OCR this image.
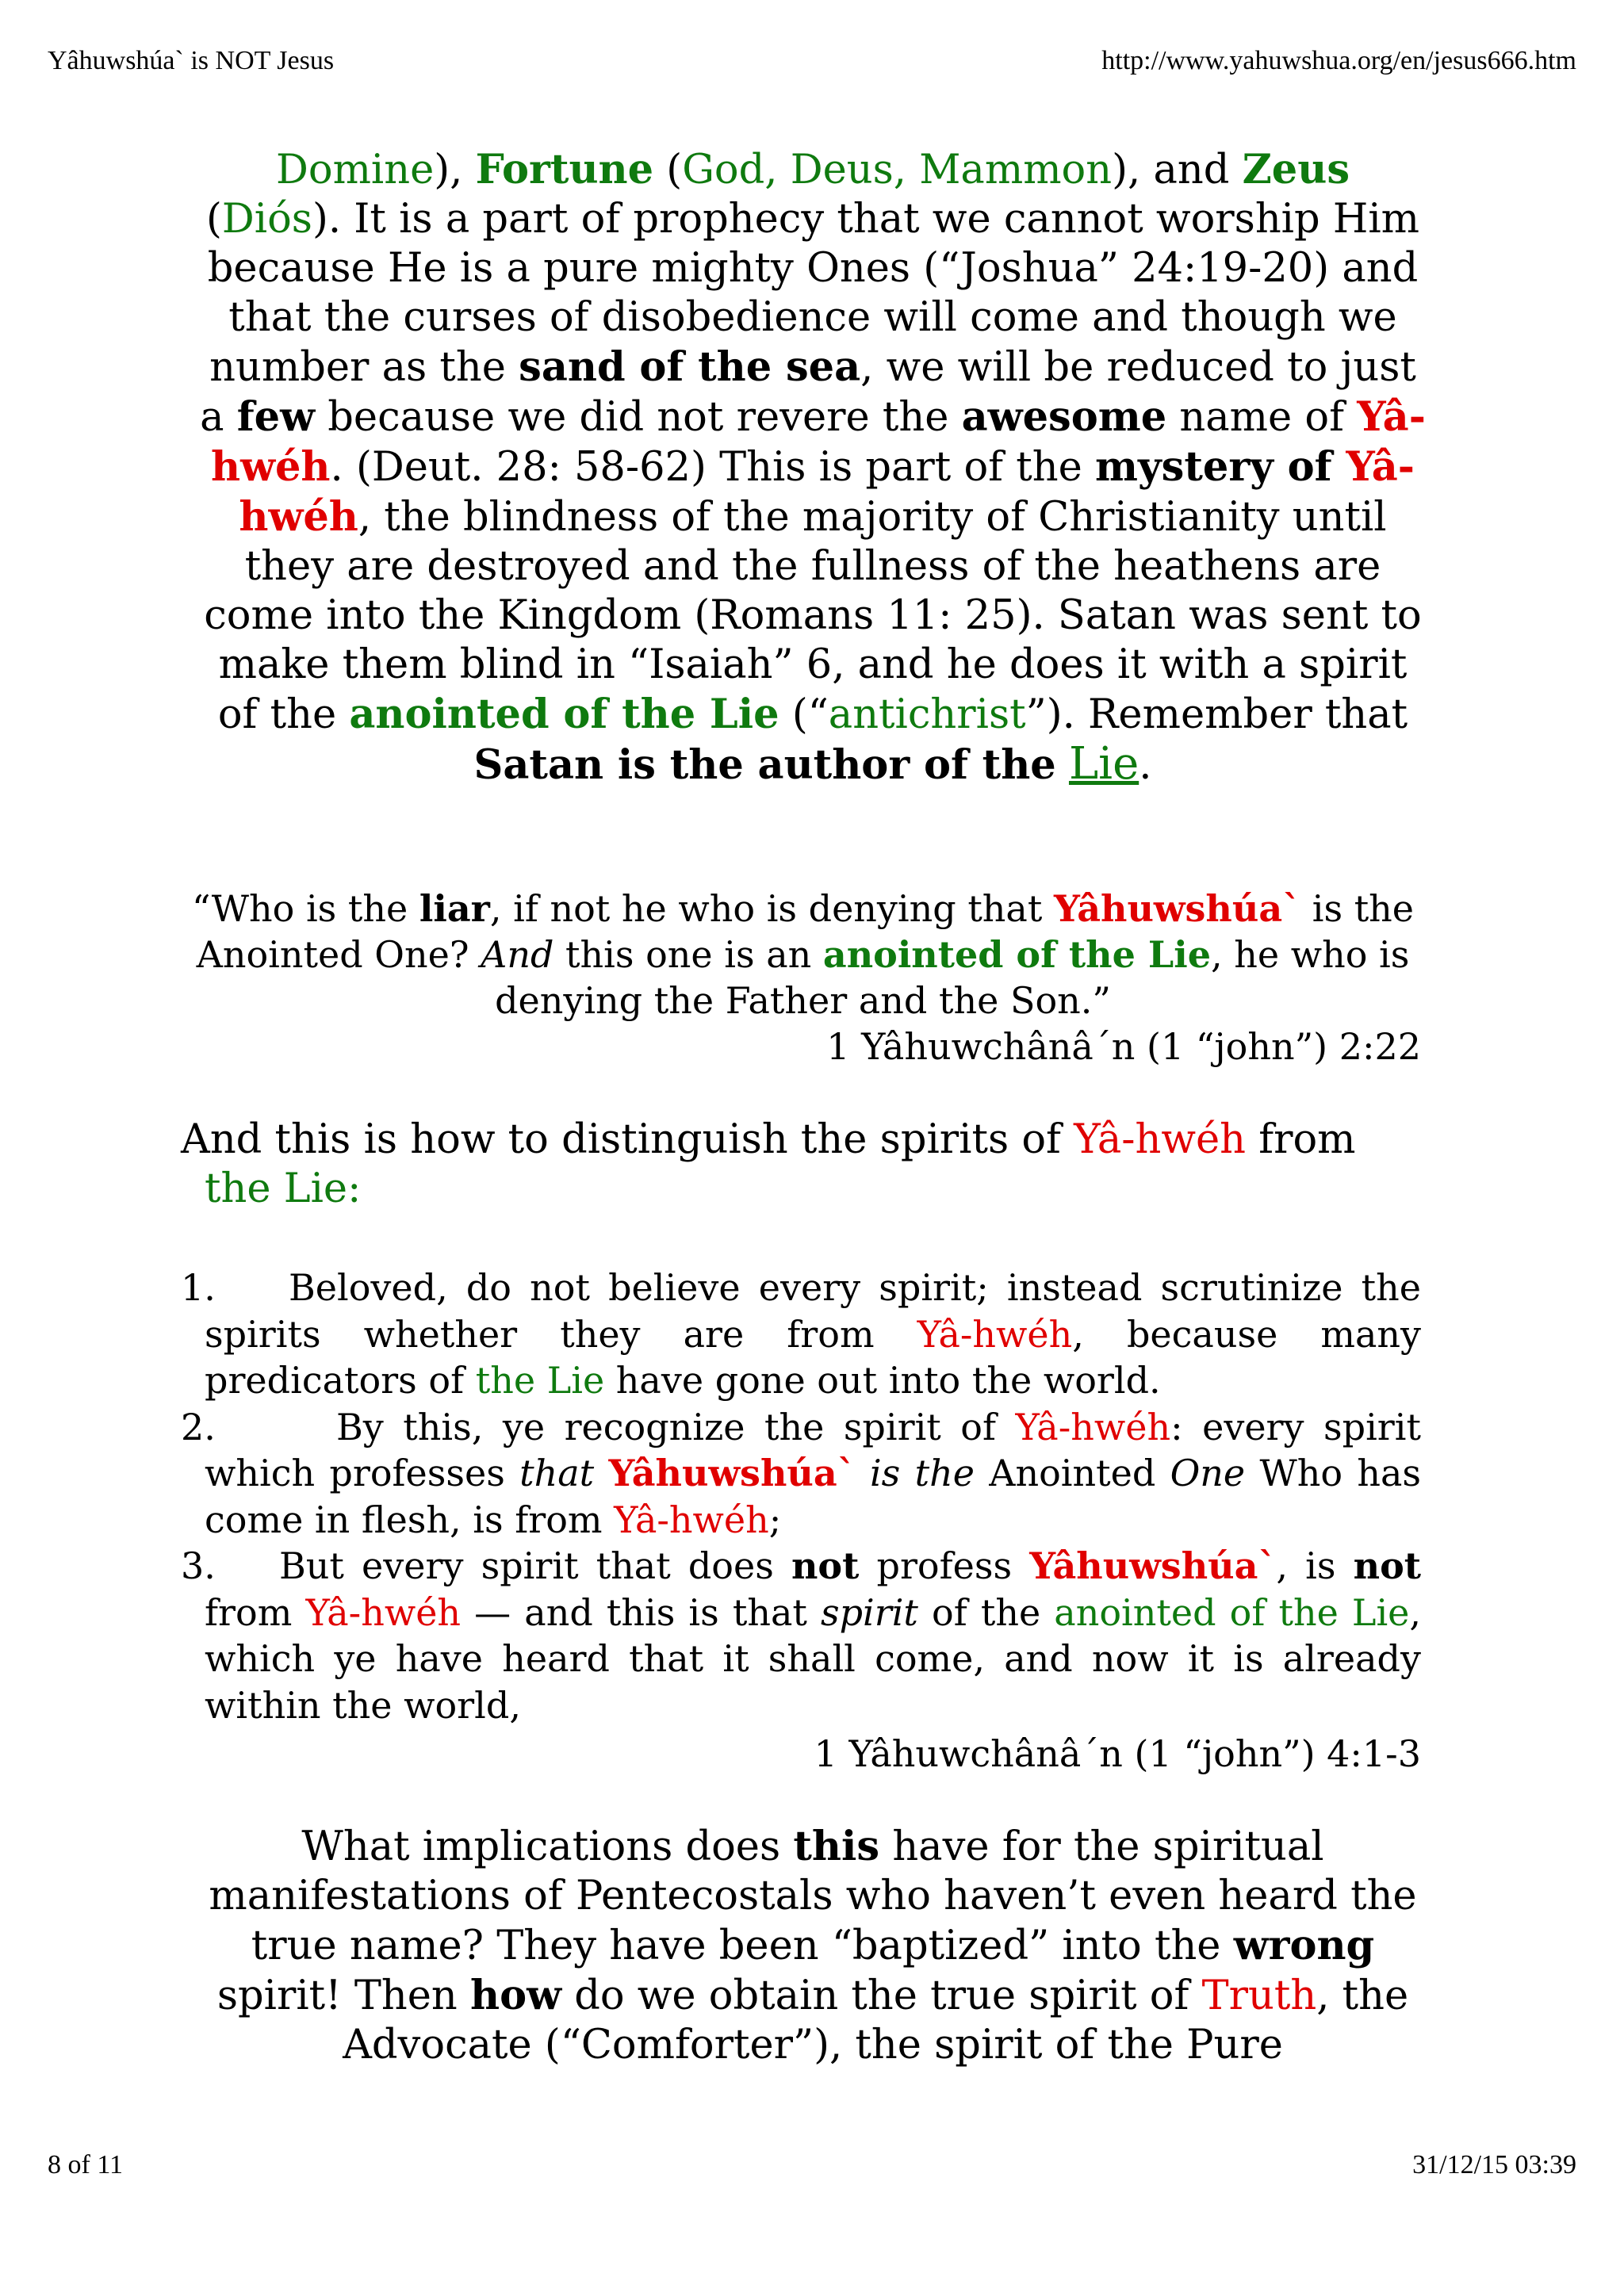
Yâhuwshúa` is NOT Jesus	http://www.yahuwshua.org/en/jesus666.htm
Domine), Fortune (God, Deus, Mammon), and Zeus
(Diós). It is a part of prophecy that we cannot worship Him because He is a pure mighty Ones (“Joshua” 24:19-20) and that the curses of disobedience will come and though we number as the sand of the sea, we will be reduced to just a few because we did not revere the awesome name of Yâ-hwéh. (Deut. 28: 58-62) This is part of the mystery of Yâ-hwéh, the blindness of the majority of Christianity until they are destroyed and the fullness of the heathens are come into the Kingdom (Romans 11: 25). Satan was sent to make them blind in “Isaiah” 6, and he does it with a spirit of the anointed of the Lie (“antichrist”). Remember that Satan is the author of the Lie.
“Who is the liar, if not he who is denying that Yâhuwshúa` is the Anointed One? And this one is an anointed of the Lie, he who is denying the Father and the Son.”
1 Yâhuwchânâ´n (1 “john”) 2:22
And this is how to distinguish the spirits of Yâ-hwéh from
the Lie:
1. Beloved, do not believe every spirit; instead scrutinize the spirits whether they are from Yâ-hwéh, because many predicators of the Lie have gone out into the world.
2.	By this, ye recognize the spirit of Yâ-hwéh: every spirit which professes that Yâhuwshúa` is the Anointed One Who has come in flesh, is from Yâ-hwéh;
3. But every spirit that does not profess Yâhuwshúa`, is not from Yâ-hwéh — and this is that spirit of the anointed of the Lie, which ye have heard that it shall come, and now it is already within the world,
1 Yâhuwchânâ´n (1 “john”) 4:1-3
What implications does this have for the spiritual manifestations of Pentecostals who haven’t even heard the true name? They have been “baptized” into the wrong spirit! Then how do we obtain the true spirit of Truth, the Advocate (“Comforter”), the spirit of the Pure
8 of 11	31/12/15 03:39
